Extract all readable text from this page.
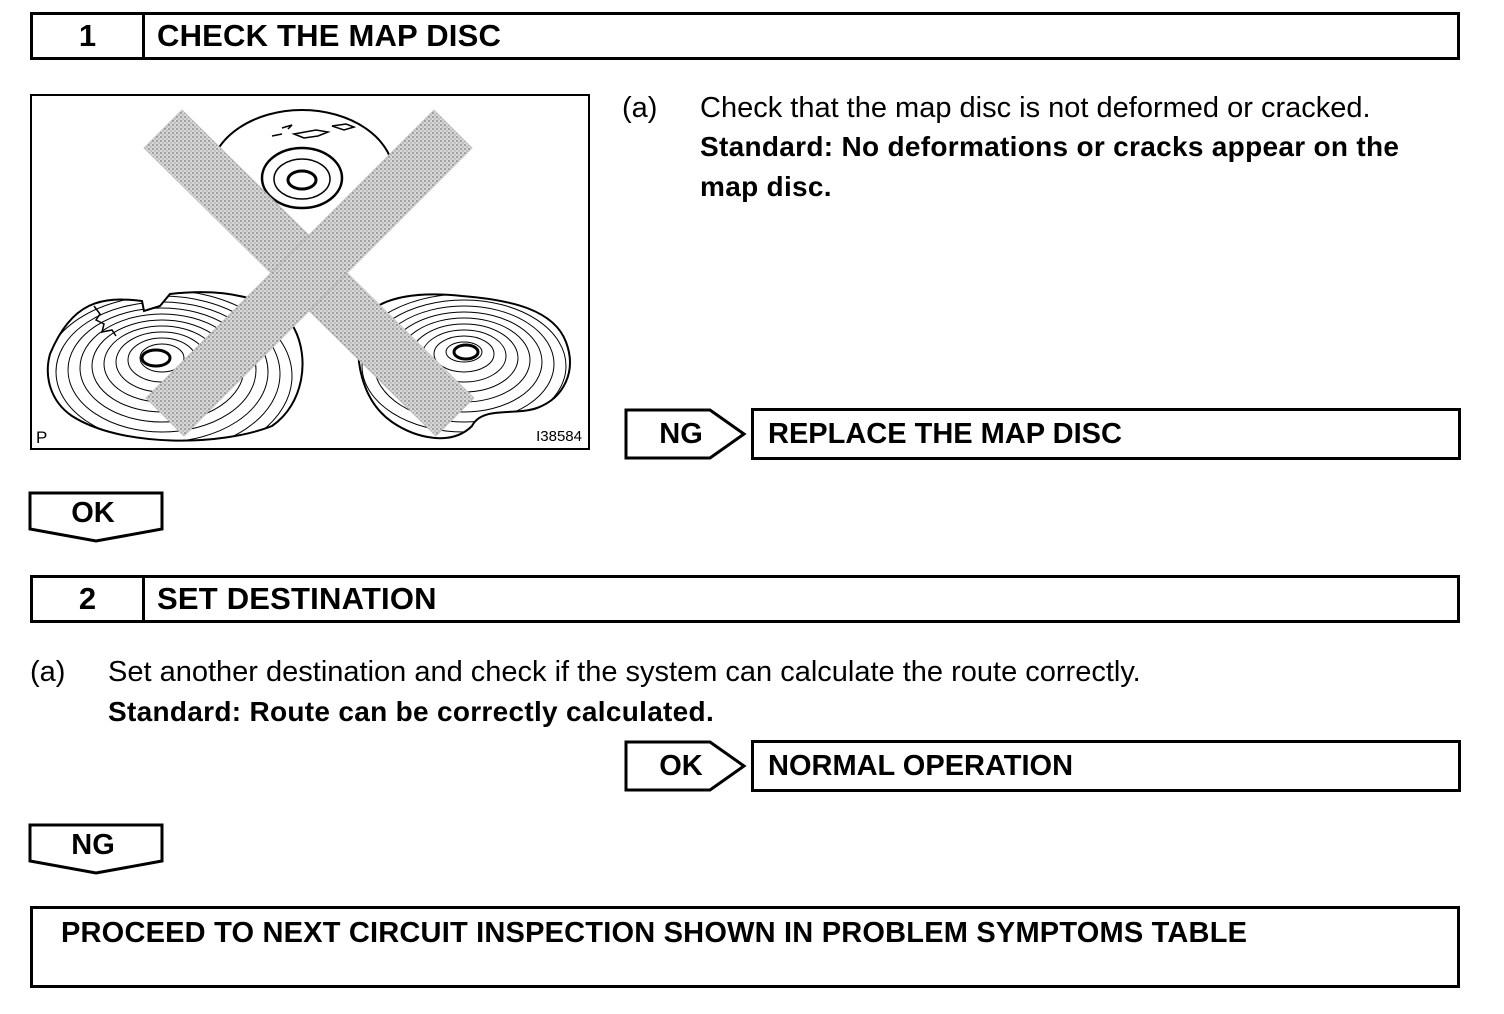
1	CHECK THE MAP DISC
P	I38584
(a) Check that the map disc is not deformed or cracked.
Standard: No deformations or cracks appear on the
map disc.
NG	REPLACE THE MAP DISC
OK
2	SET DESTINATION
(a) Set another destination and check if the system can calculate the route correctly.
Standard: Route can be correctly calculated.
OK	NORMAL OPERATION
NG
PROCEED TO NEXT CIRCUIT INSPECTION SHOWN IN PROBLEM SYMPTOMS TABLE
